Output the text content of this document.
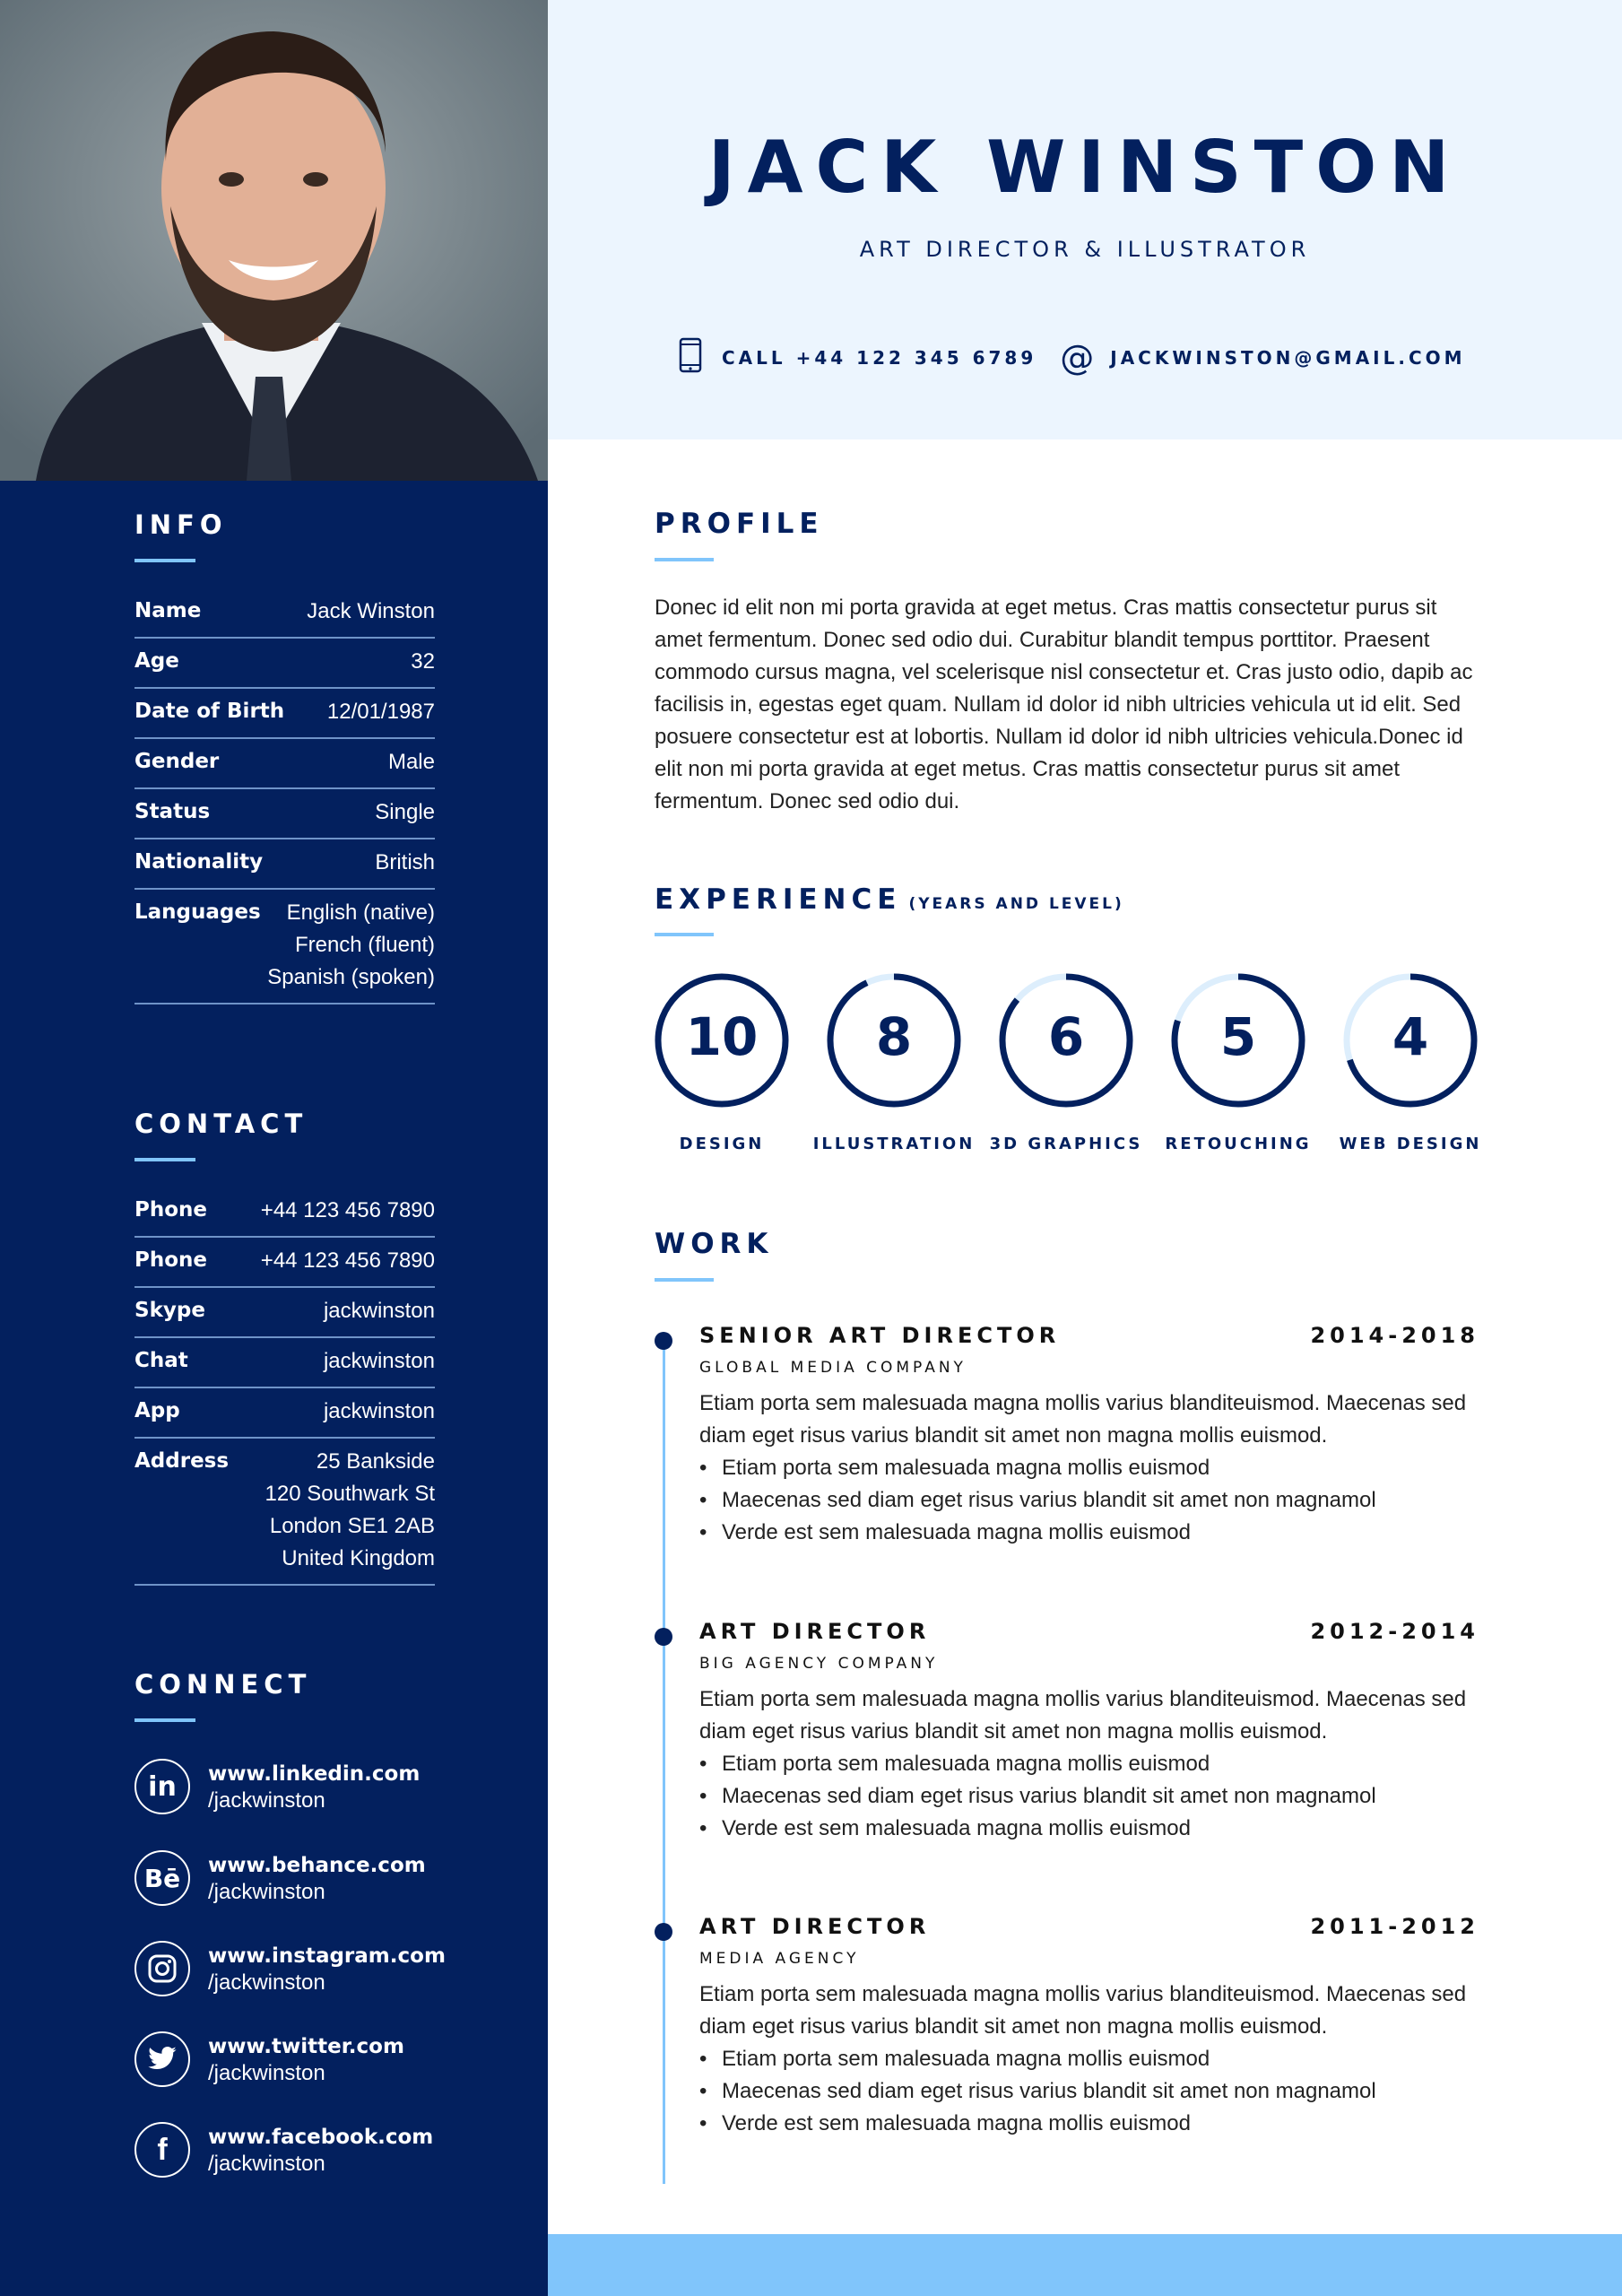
INFO
Name	Jack Winston
Age	32
Date of Birth 12/01/1987
Gender	Male
Status	Single
Nationality	British
Languages	English (native)
French (fluent)
Spanish (spoken)
CONTACT
Phone +44 123 456 7890
Phone +44 123 456 7890
Skype	jackwinston
Chat	jackwinston
App	jackwinston
Address	25 Bankside
120 Southwark St
London SE1 2AB
United Kingdom
CONNECT
in www.linkedin.com
/jackwinston
Bē www.behance.com
/jackwinston
www.instagram.com
/jackwinston
www.twitter.com
/jackwinston
f www.facebook.com
/jackwinston
JACK WINSTON
ART DIRECTOR & ILLUSTRATOR
CALL +44 122 345 6789 @ JACKWINSTON@GMAIL.COM
PROFILE
Donec id elit non mi porta gravida at eget metus. Cras mattis consectetur purus sit amet fermentum. Donec sed odio dui. Curabitur blandit tempus porttitor. Praesent commodo cursus magna, vel scelerisque nisl consectetur et. Cras justo odio, dapib ac facilisis in, egestas eget quam. Nullam id dolor id nibh ultricies vehicula ut id elit. Sed posuere consectetur est at lobortis. Nullam id dolor id nibh ultricies vehicula.Donec id elit non mi porta gravida at eget metus. Cras mattis consectetur purus sit amet fermentum. Donec sed odio dui.
EXPERIENCE (YEARS AND LEVEL)
10
DESIGN
8
ILLUSTRATION
6
3D GRAPHICS
5
RETOUCHING
4
WEB DESIGN
WORK
SENIOR ART DIRECTOR	2014-2018
GLOBAL MEDIA COMPANY
Etiam porta sem malesuada magna mollis varius blanditeuismod. Maecenas sed diam eget risus varius blandit sit amet non magna mollis euismod.
• Etiam porta sem malesuada magna mollis euismod
• Maecenas sed diam eget risus varius blandit sit amet non magnamol
• Verde est sem malesuada magna mollis euismod
ART DIRECTOR	2012-2014
BIG AGENCY COMPANY
Etiam porta sem malesuada magna mollis varius blanditeuismod. Maecenas sed diam eget risus varius blandit sit amet non magna mollis euismod.
• Etiam porta sem malesuada magna mollis euismod
• Maecenas sed diam eget risus varius blandit sit amet non magnamol
• Verde est sem malesuada magna mollis euismod
ART DIRECTOR	2011-2012
MEDIA AGENCY
Etiam porta sem malesuada magna mollis varius blanditeuismod. Maecenas sed diam eget risus varius blandit sit amet non magna mollis euismod.
• Etiam porta sem malesuada magna mollis euismod
• Maecenas sed diam eget risus varius blandit sit amet non magnamol
• Verde est sem malesuada magna mollis euismod
